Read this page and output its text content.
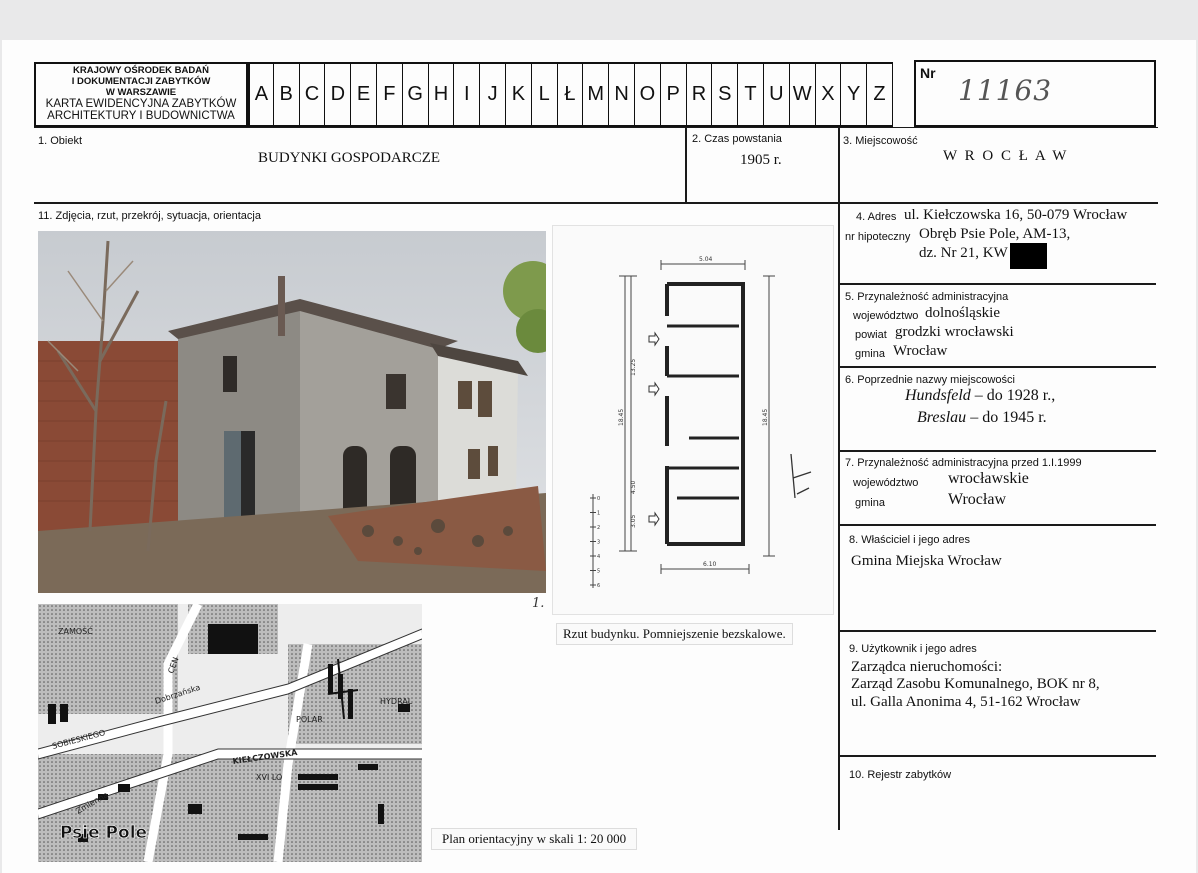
KRAJOWY OŚRODEK BADAŃ
I DOKUMENTACJI ZABYTKÓW
W WARSZAWIE
KARTA EWIDENCYJNA ZABYTKÓW
ARCHITEKTURY I BUDOWNICTWA
A B C D E F G H I J K L Ł M N O P R S T U W X Y Z
Nr
11163
1. Obiekt
BUDYNKI GOSPODARCZE
2. Czas powstania
1905 r.
3. Miejscowość
W R O C Ł A W
11. Zdjęcia, rzut, przekrój, sytuacja, orientacja	4. Adres ul. Kiełczowska 16, 50-079 Wrocław
nr hipoteczny Obręb Psie Pole, AM-13,
dz. Nr 21, KW
5. Przynależność administracyjna
województwo dolnośląskie
powiat grodzki wrocławski
gmina Wrocław
6. Poprzednie nazwy miejscowości
Hundsfeld – do 1928 r.,
Breslau – do 1945 r.
7. Przynależność administracyjna przed 1.I.1999
województwo wrocławskie
gmina	Wrocław
8. Właściciel i jego adres
Gmina Miejska Wrocław
9. Użytkownik i jego adres
Zarządca nieruchomości:
Zarząd Zasobu Komunalnego, BOK nr 8,
ul. Galla Anonima 4, 51-162 Wrocław
10. Rejestr zabytków
1.
5.04
6.10
18.45
13.25
4.50
3.05
18.45
0
1
2
3
4
5
6
Rzut budynku. Pomniejszenie bezskalowe.
ZAMOŚĆ
SOBIESKIEGO
KIEŁCZOWSKA
POLAR
XVI LO
HYDRAL
Dobrzańska
Zmienna
CEN
Psie Pole	Plan orientacyjny w skali 1: 20 000
